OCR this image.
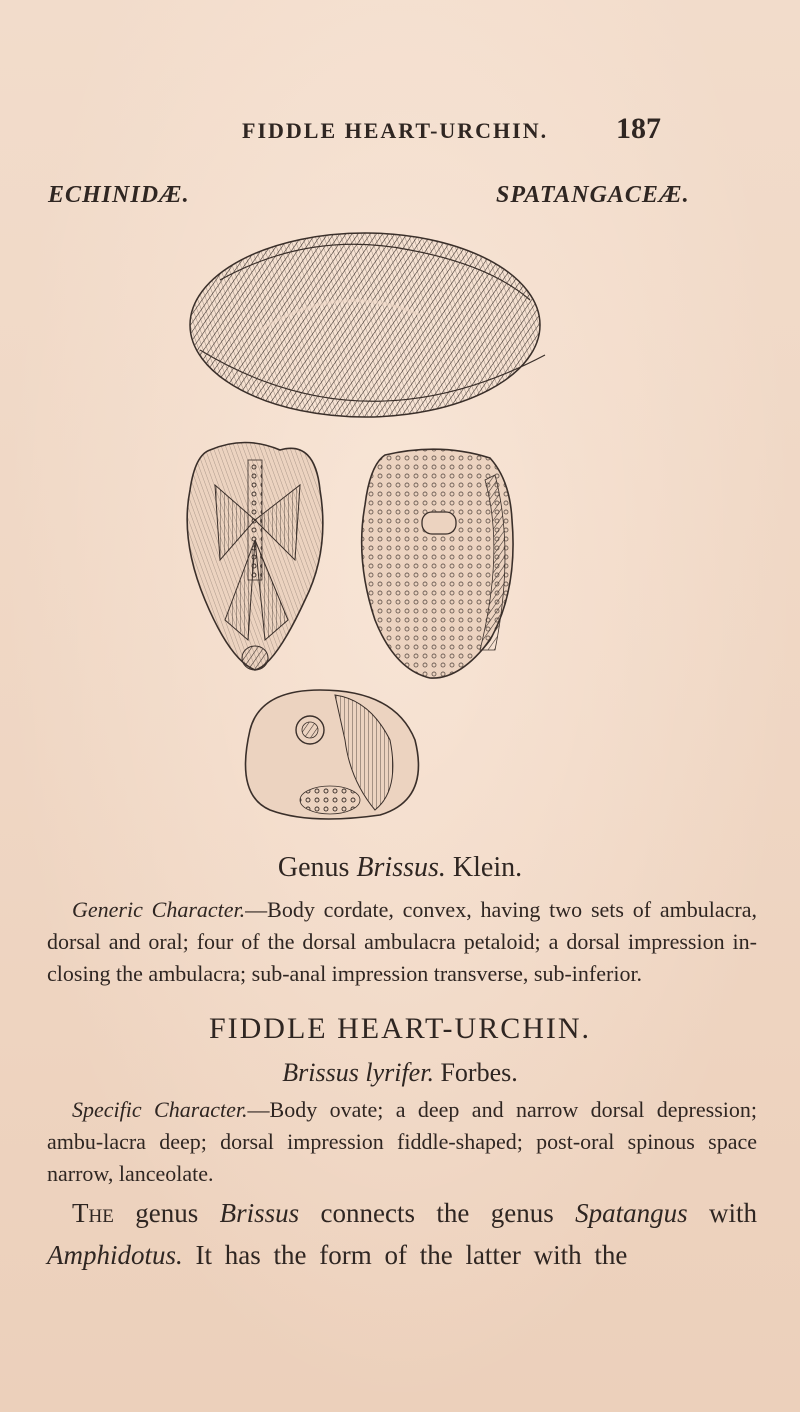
FIDDLE HEART-URCHIN. 187
ECHINIDÆ.	SPATANGACEÆ.
Genus Brissus. Klein.
Generic Character.—Body cordate, convex, having two sets of ambulacra, dorsal and oral; four of the dorsal ambulacra petaloid; a dorsal impression in-closing the ambulacra; sub-anal impression transverse, sub-inferior.
FIDDLE HEART-URCHIN.
Brissus lyrifer. Forbes.
Specific Character.—Body ovate; a deep and narrow dorsal depression; ambu-lacra deep; dorsal impression fiddle-shaped; post-oral spinous space narrow, lanceolate.
The genus Brissus connects the genus Spatangus with Amphidotus. It has the form of the latter with the
